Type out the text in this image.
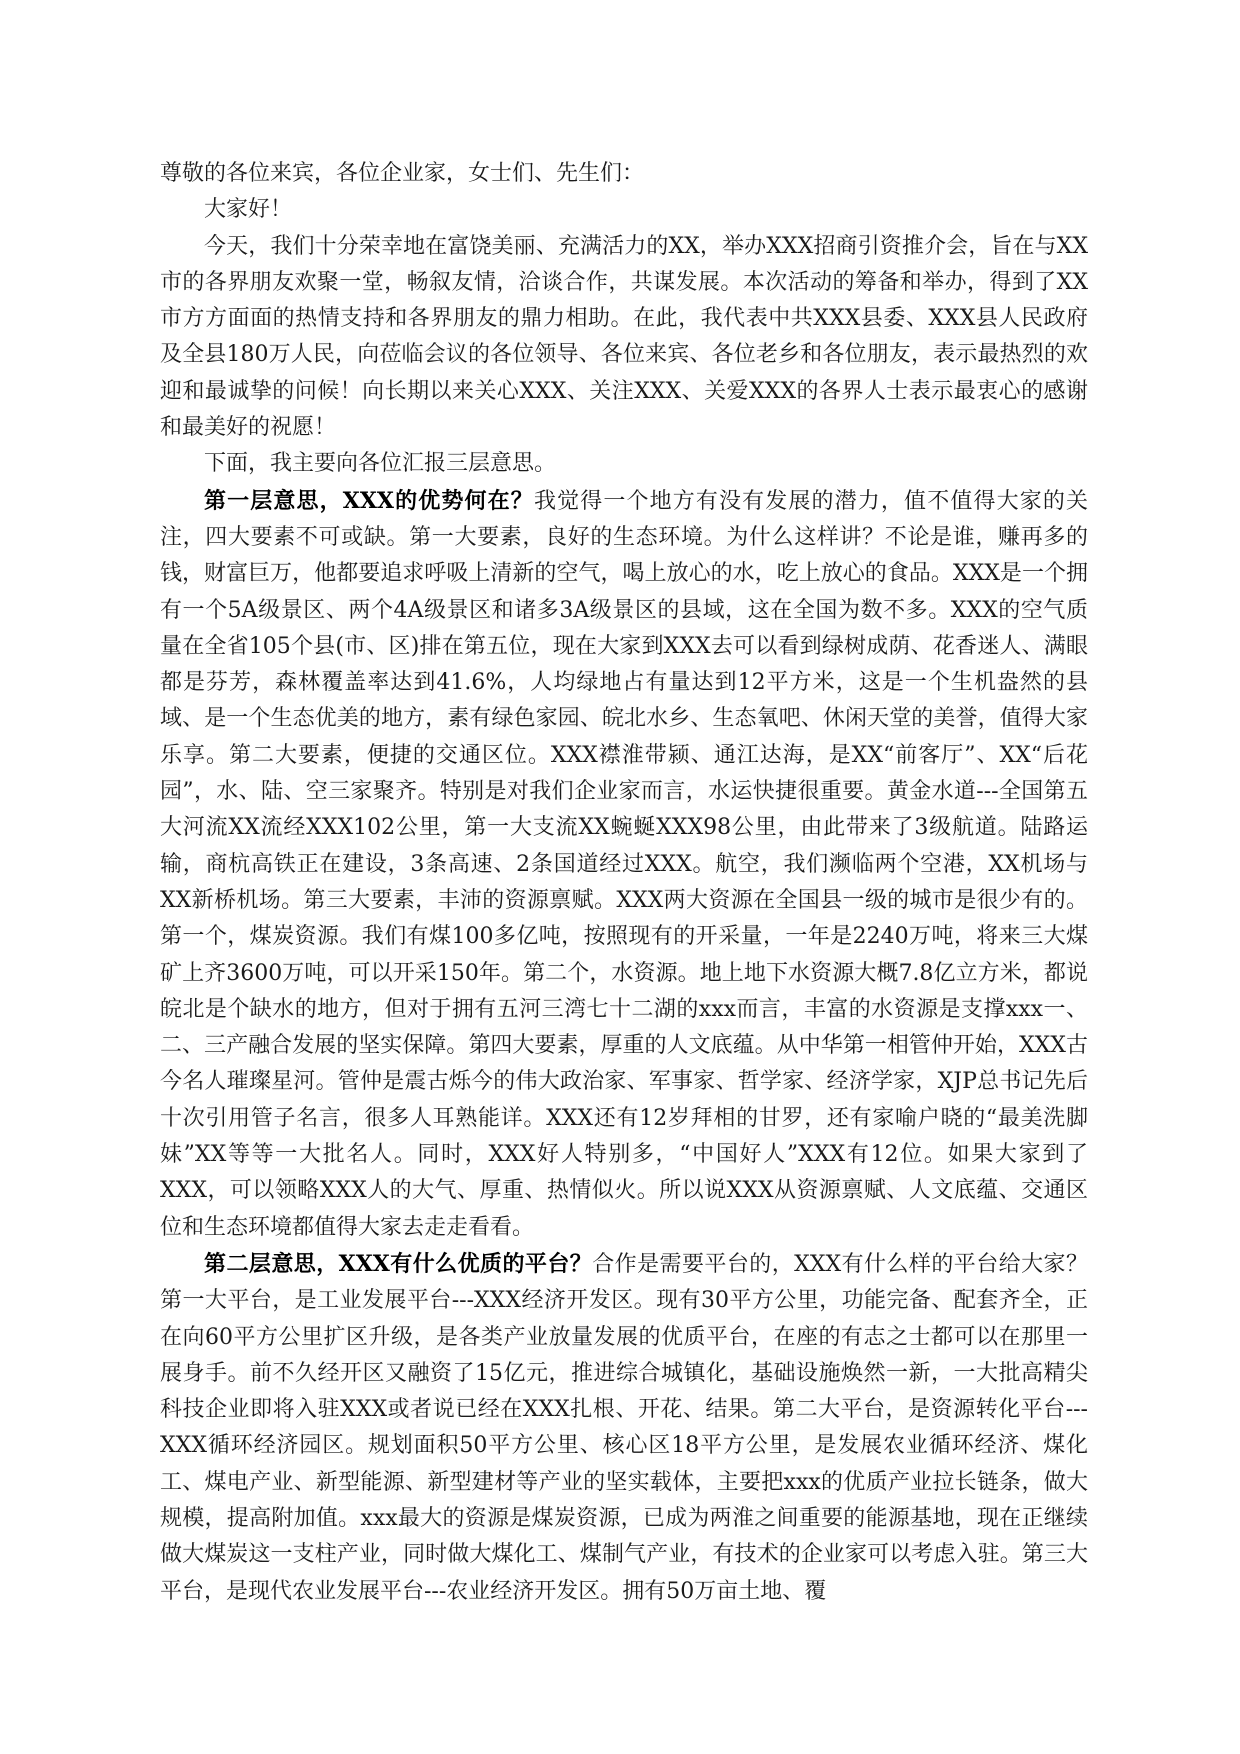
尊敬的各位来宾，各位企业家，女士们、先生们：

大家好！

今天，我们十分荣幸地在富饶美丽、充满活力的XX，举办XXX招商引资推介会，旨在与XX市的各界朋友欢聚一堂，畅叙友情，洽谈合作，共谋发展。本次活动的筹备和举办，得到了XX市方方面面的热情支持和各界朋友的鼎力相助。在此，我代表中共XXX县委、XXX县人民政府及全县180万人民，向莅临会议的各位领导、各位来宾、各位老乡和各位朋友，表示最热烈的欢迎和最诚挚的问候！向长期以来关心XXX、关注XXX、关爱XXX的各界人士表示最衷心的感谢和最美好的祝愿！

下面，我主要向各位汇报三层意思。

第一层意思，XXX的优势何在？我觉得一个地方有没有发展的潜力，值不值得大家的关注，四大要素不可或缺。第一大要素，良好的生态环境。为什么这样讲？不论是谁，赚再多的钱，财富巨万，他都要追求呼吸上清新的空气，喝上放心的水，吃上放心的食品。XXX是一个拥有一个5A级景区、两个4A级景区和诸多3A级景区的县域，这在全国为数不多。XXX的空气质量在全省105个县(市、区)排在第五位，现在大家到XXX去可以看到绿树成荫、花香迷人、满眼都是芬芳，森林覆盖率达到41.6%，人均绿地占有量达到12平方米，这是一个生机盎然的县域、是一个生态优美的地方，素有绿色家园、皖北水乡、生态氧吧、休闲天堂的美誉，值得大家乐享。第二大要素，便捷的交通区位。XXX襟淮带颍、通江达海，是XX“前客厅”、XX“后花园”，水、陆、空三家聚齐。特别是对我们企业家而言，水运快捷很重要。黄金水道---全国第五大河流XX流经XXX102公里，第一大支流XX蜿蜒XXX98公里，由此带来了3级航道。陆路运输，商杭高铁正在建设，3条高速、2条国道经过XXX。航空，我们濒临两个空港，XX机场与XX新桥机场。第三大要素，丰沛的资源禀赋。XXX两大资源在全国县一级的城市是很少有的。第一个，煤炭资源。我们有煤100多亿吨，按照现有的开采量，一年是2240万吨，将来三大煤矿上齐3600万吨，可以开采150年。第二个，水资源。地上地下水资源大概7.8亿立方米，都说皖北是个缺水的地方，但对于拥有五河三湾七十二湖的xxx而言，丰富的水资源是支撑xxx一、二、三产融合发展的坚实保障。第四大要素，厚重的人文底蕴。从中华第一相管仲开始，XXX古今名人璀璨星河。管仲是震古烁今的伟大政治家、军事家、哲学家、经济学家，XJP总书记先后十次引用管子名言，很多人耳熟能详。XXX还有12岁拜相的甘罗，还有家喻户晓的“最美洗脚妹”XX等等一大批名人。同时，XXX好人特别多，“中国好人”XXX有12位。如果大家到了XXX，可以领略XXX人的大气、厚重、热情似火。所以说XXX从资源禀赋、人文底蕴、交通区位和生态环境都值得大家去走走看看。

第二层意思，XXX有什么优质的平台？合作是需要平台的，XXX有什么样的平台给大家？第一大平台，是工业发展平台---XXX经济开发区。现有30平方公里，功能完备、配套齐全，正在向60平方公里扩区升级，是各类产业放量发展的优质平台，在座的有志之士都可以在那里一展身手。前不久经开区又融资了15亿元，推进综合城镇化，基础设施焕然一新，一大批高精尖科技企业即将入驻XXX或者说已经在XXX扎根、开花、结果。第二大平台，是资源转化平台---XXX循环经济园区。规划面积50平方公里、核心区18平方公里，是发展农业循环经济、煤化工、煤电产业、新型能源、新型建材等产业的坚实载体，主要把xxx的优质产业拉长链条，做大规模，提高附加值。xxx最大的资源是煤炭资源，已成为两淮之间重要的能源基地，现在正继续做大煤炭这一支柱产业，同时做大煤化工、煤制气产业，有技术的企业家可以考虑入驻。第三大平台，是现代农业发展平台---农业经济开发区。拥有50万亩土地、覆
